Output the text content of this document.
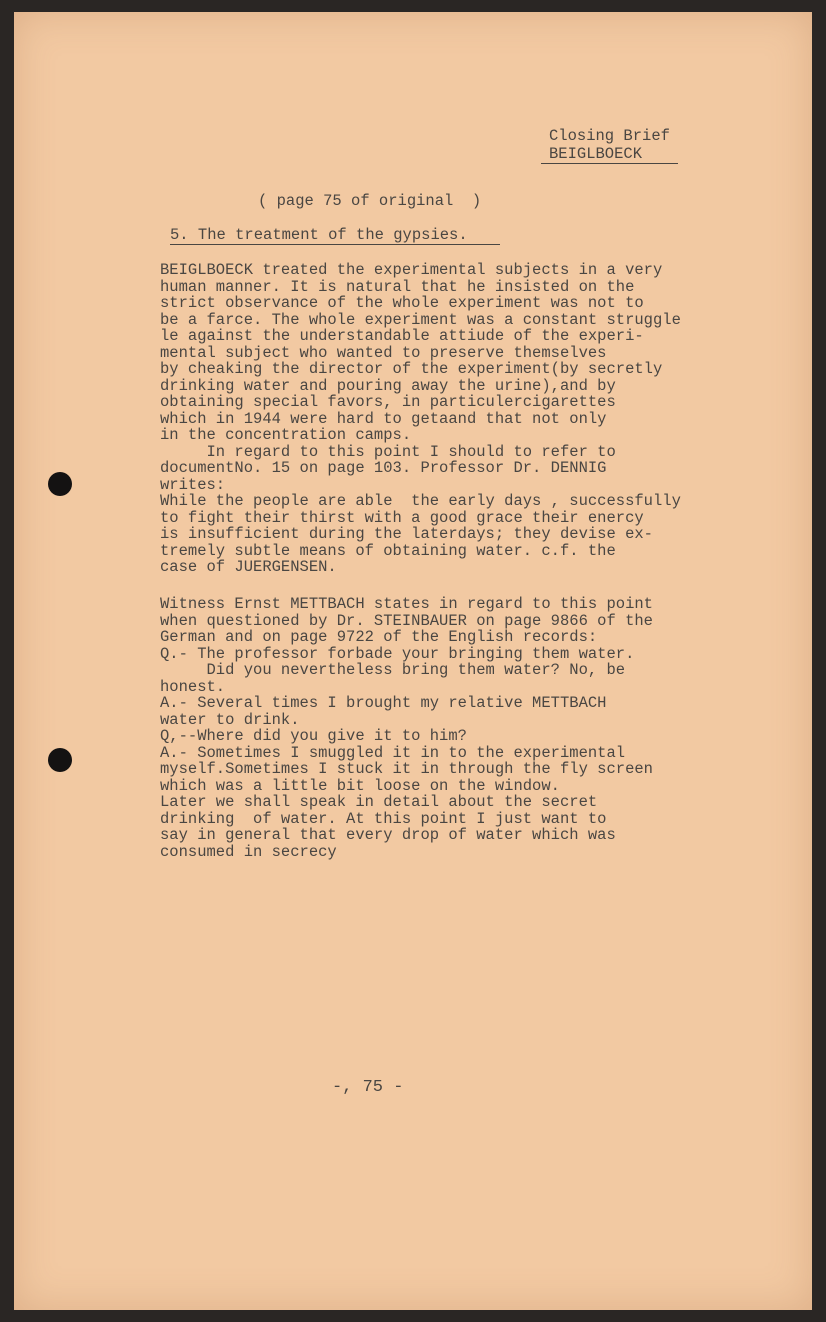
Closing Brief

BEIGLBOECK

( page 75 of original  )

5. The treatment of the gypsies.

BEIGLBOECK treated the experimental subjects in a very
human manner. It is natural that he insisted on the
strict observance of the whole experiment was not to
be a farce. The whole experiment was a constant struggle
le against the understandable attiude of the experi-
mental subject who wanted to preserve themselves
by cheaking the director of the experiment(by secretly
drinking water and pouring away the urine),and by
obtaining special favors, in particulercigarettes
which in 1944 were hard to getaand that not only
in the concentration camps.
In regard to this point I should to refer to
documentNo. 15 on page 103. Professor Dr. DENNIG
writes:
While the people are able  the early days , successfully
to fight their thirst with a good grace their enercy
is insufficient during the laterdays; they devise ex-
tremely subtle means of obtaining water. c.f. the
case of JUERGENSEN.

Witness Ernst METTBACH states in regard to this point
when questioned by Dr. STEINBAUER on page 9866 of the
German and on page 9722 of the English records:
Q.- The professor forbade your bringing them water.
Did you nevertheless bring them water? No, be
honest.
A.- Several times I brought my relative METTBACH
water to drink.
Q,--Where did you give it to him?
A.- Sometimes I smuggled it in to the experimental
myself.Sometimes I stuck it in through the fly screen
which was a little bit loose on the window.
Later we shall speak in detail about the secret
drinking  of water. At this point I just want to
say in general that every drop of water which was
consumed in secrecy

-, 75 -
